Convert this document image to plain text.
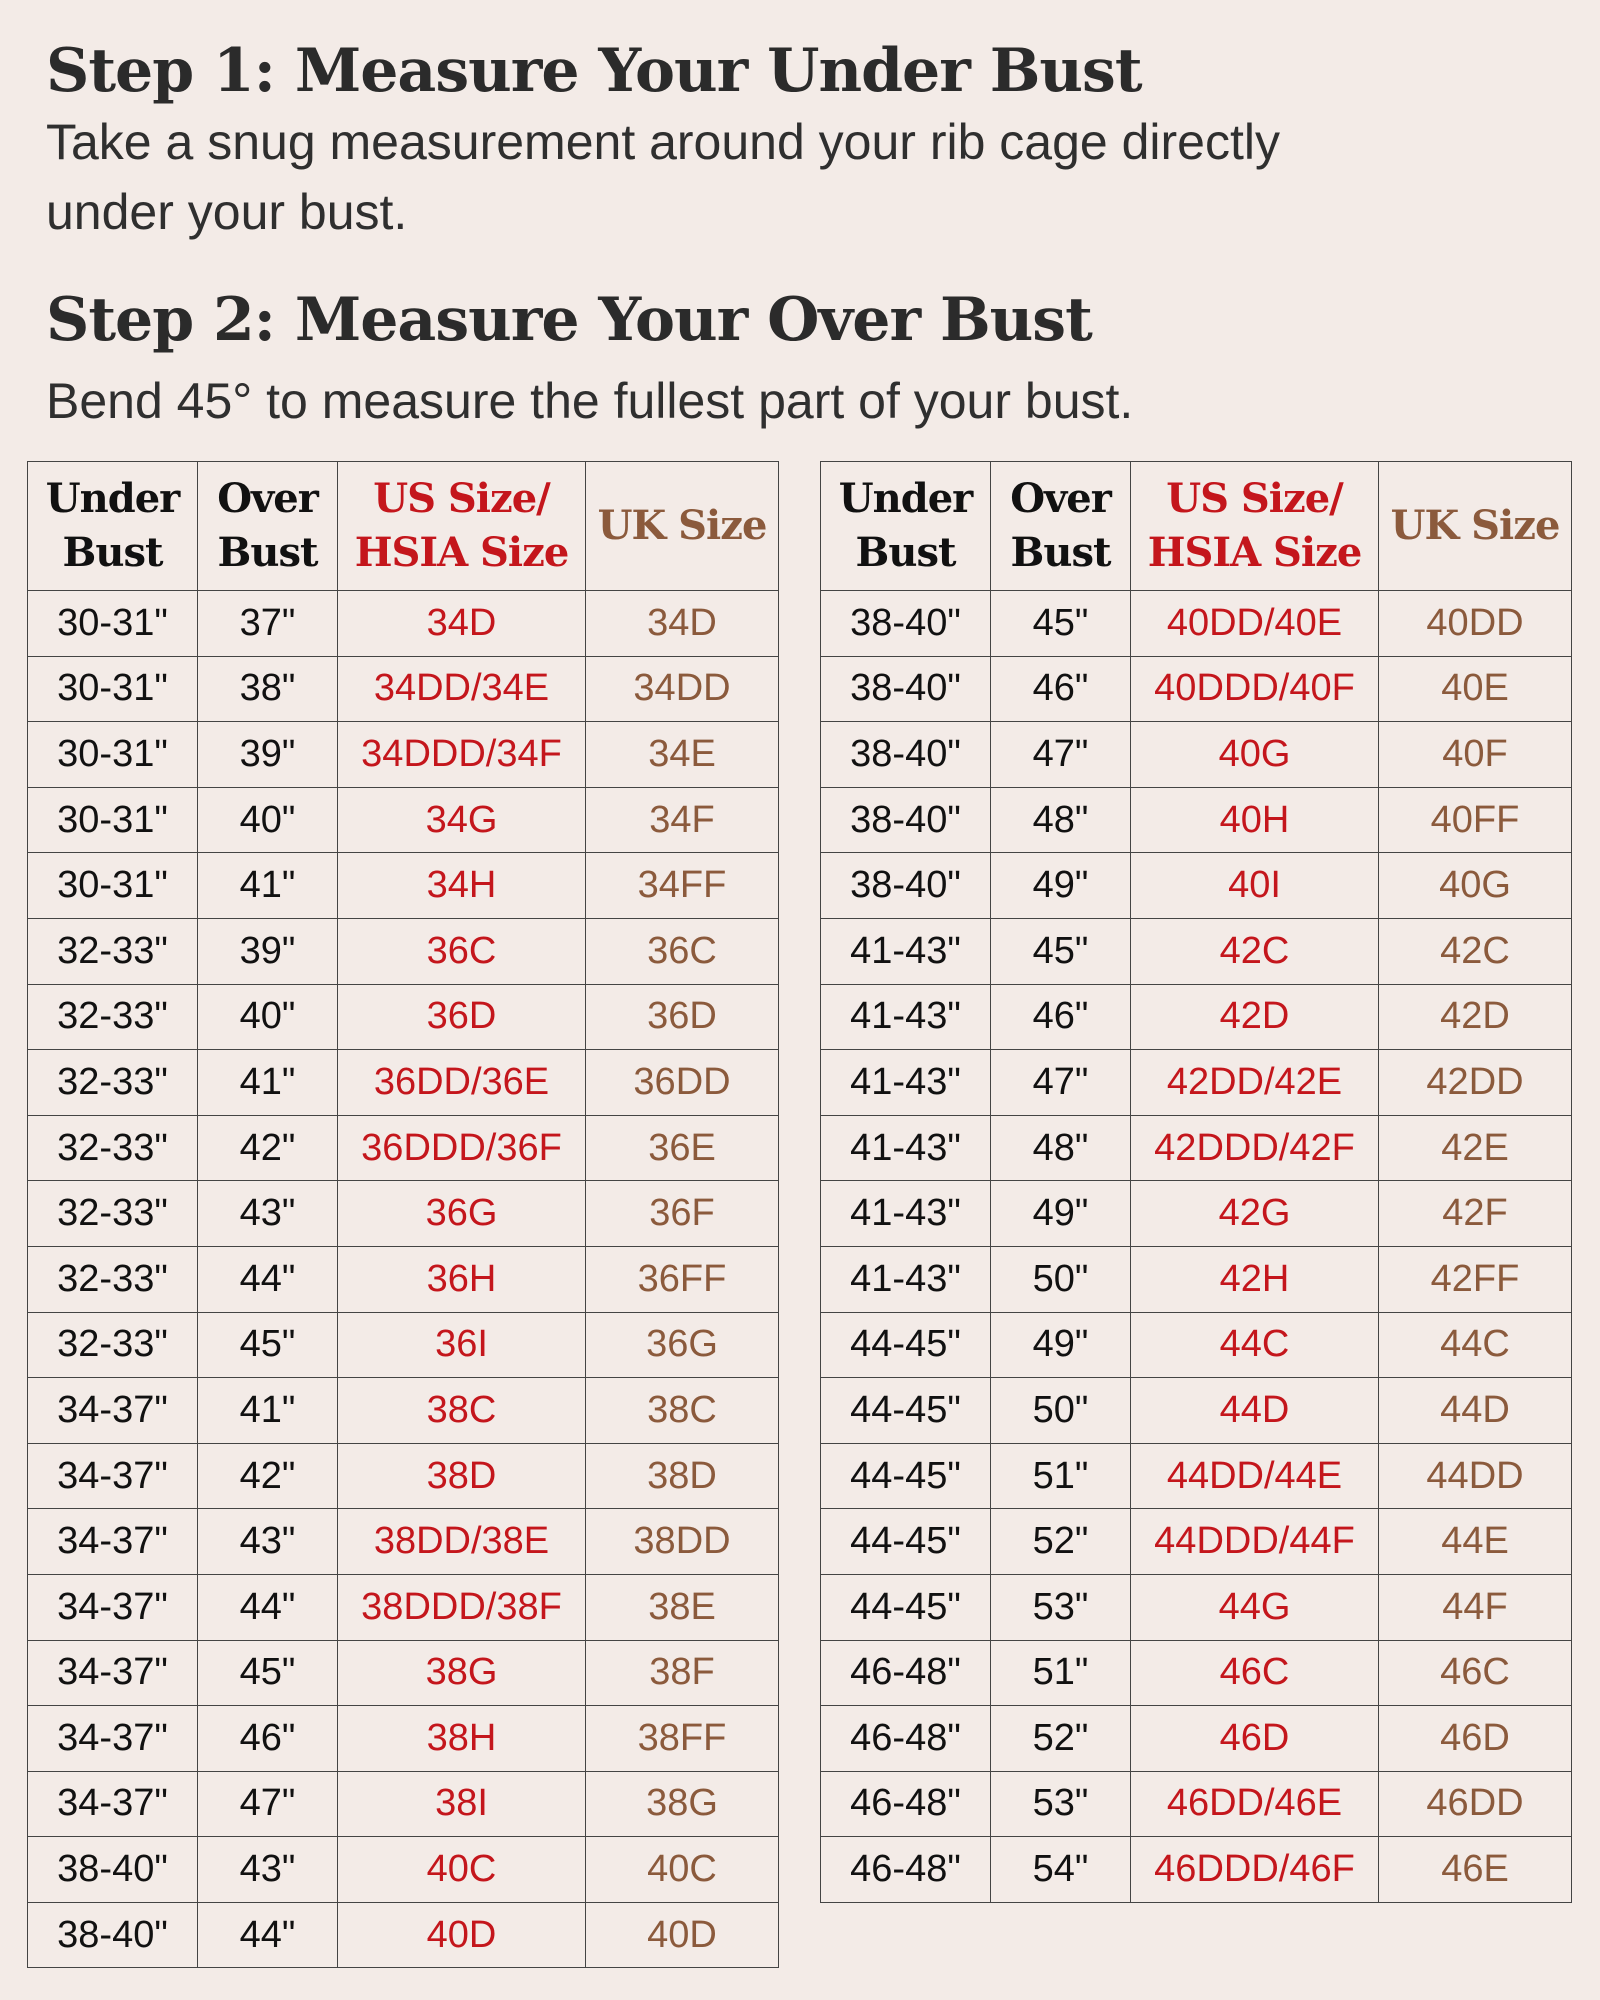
Step 1: Measure Your Under Bust

Take a snug measurement around your rib cage directly under your bust.

Step 2: Measure Your Over Bust

Bend 45° to measure the fullest part of your bust.

Under
Bust	Over
Bust	US Size/
HSIA Size	UK Size
30-31"	37"	34D	34D
30-31"	38"	34DD/34E	34DD
30-31"	39"	34DDD/34F	34E
30-31"	40"	34G	34F
30-31"	41"	34H	34FF
32-33"	39"	36C	36C
32-33"	40"	36D	36D
32-33"	41"	36DD/36E	36DD
32-33"	42"	36DDD/36F	36E
32-33"	43"	36G	36F
32-33"	44"	36H	36FF
32-33"	45"	36I	36G
34-37"	41"	38C	38C
34-37"	42"	38D	38D
34-37"	43"	38DD/38E	38DD
34-37"	44"	38DDD/38F	38E
34-37"	45"	38G	38F
34-37"	46"	38H	38FF
34-37"	47"	38I	38G
38-40"	43"	40C	40C
38-40"	44"	40D	40D
Under
Bust	Over
Bust	US Size/
HSIA Size	UK Size
38-40"	45"	40DD/40E	40DD
38-40"	46"	40DDD/40F	40E
38-40"	47"	40G	40F
38-40"	48"	40H	40FF
38-40"	49"	40I	40G
41-43"	45"	42C	42C
41-43"	46"	42D	42D
41-43"	47"	42DD/42E	42DD
41-43"	48"	42DDD/42F	42E
41-43"	49"	42G	42F
41-43"	50"	42H	42FF
44-45"	49"	44C	44C
44-45"	50"	44D	44D
44-45"	51"	44DD/44E	44DD
44-45"	52"	44DDD/44F	44E
44-45"	53"	44G	44F
46-48"	51"	46C	46C
46-48"	52"	46D	46D
46-48"	53"	46DD/46E	46DD
46-48"	54"	46DDD/46F	46E
